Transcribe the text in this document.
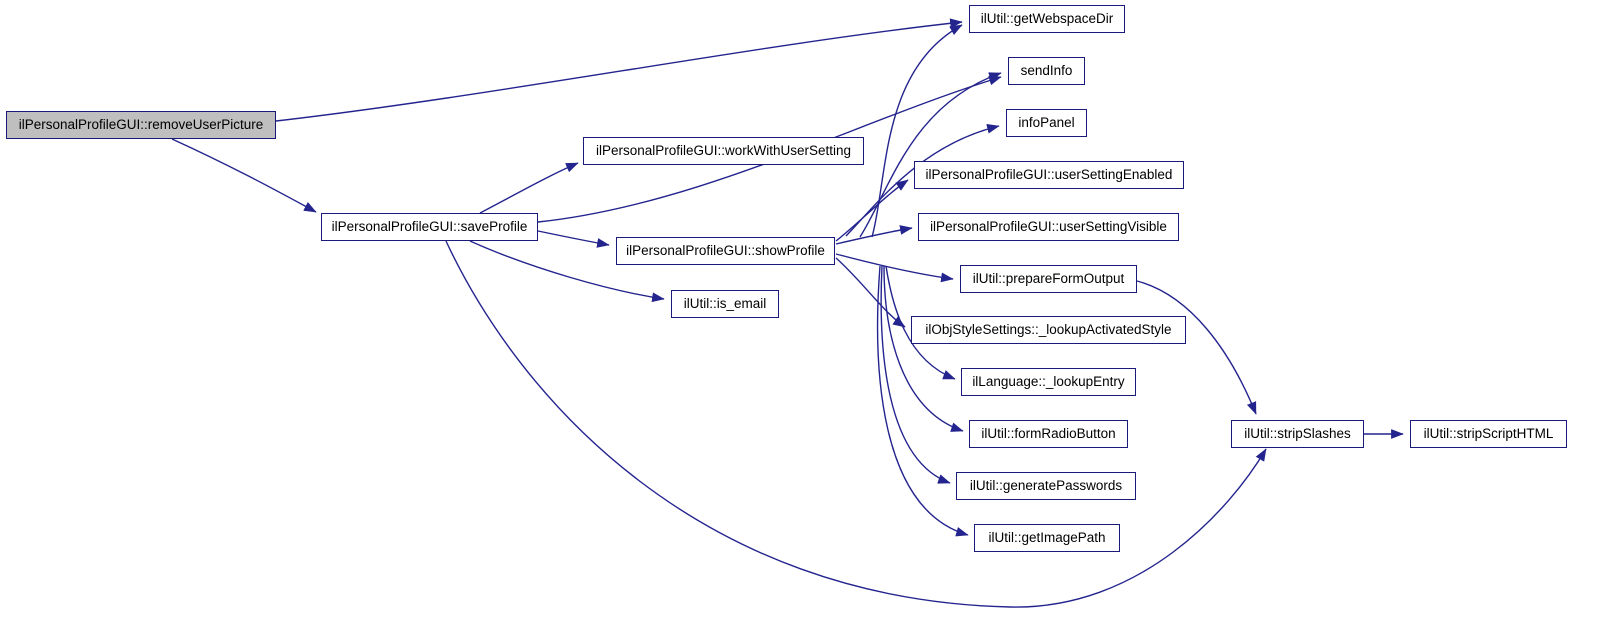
ilPersonalProfileGUI::removeUserPicture
ilUtil::getWebspaceDir
sendInfo
infoPanel
ilPersonalProfileGUI::workWithUserSetting
ilPersonalProfileGUI::userSettingEnabled
ilPersonalProfileGUI::saveProfile	ilPersonalProfileGUI::userSettingVisible
ilPersonalProfileGUI::showProfile
ilUtil::prepareFormOutput
ilUtil::is_email
ilObjStyleSettings::_lookupActivatedStyle
ilLanguage::_lookupEntry
ilUtil::formRadioButton	ilUtil::stripSlashes	ilUtil::stripScriptHTML
ilUtil::generatePasswords
ilUtil::getImagePath
